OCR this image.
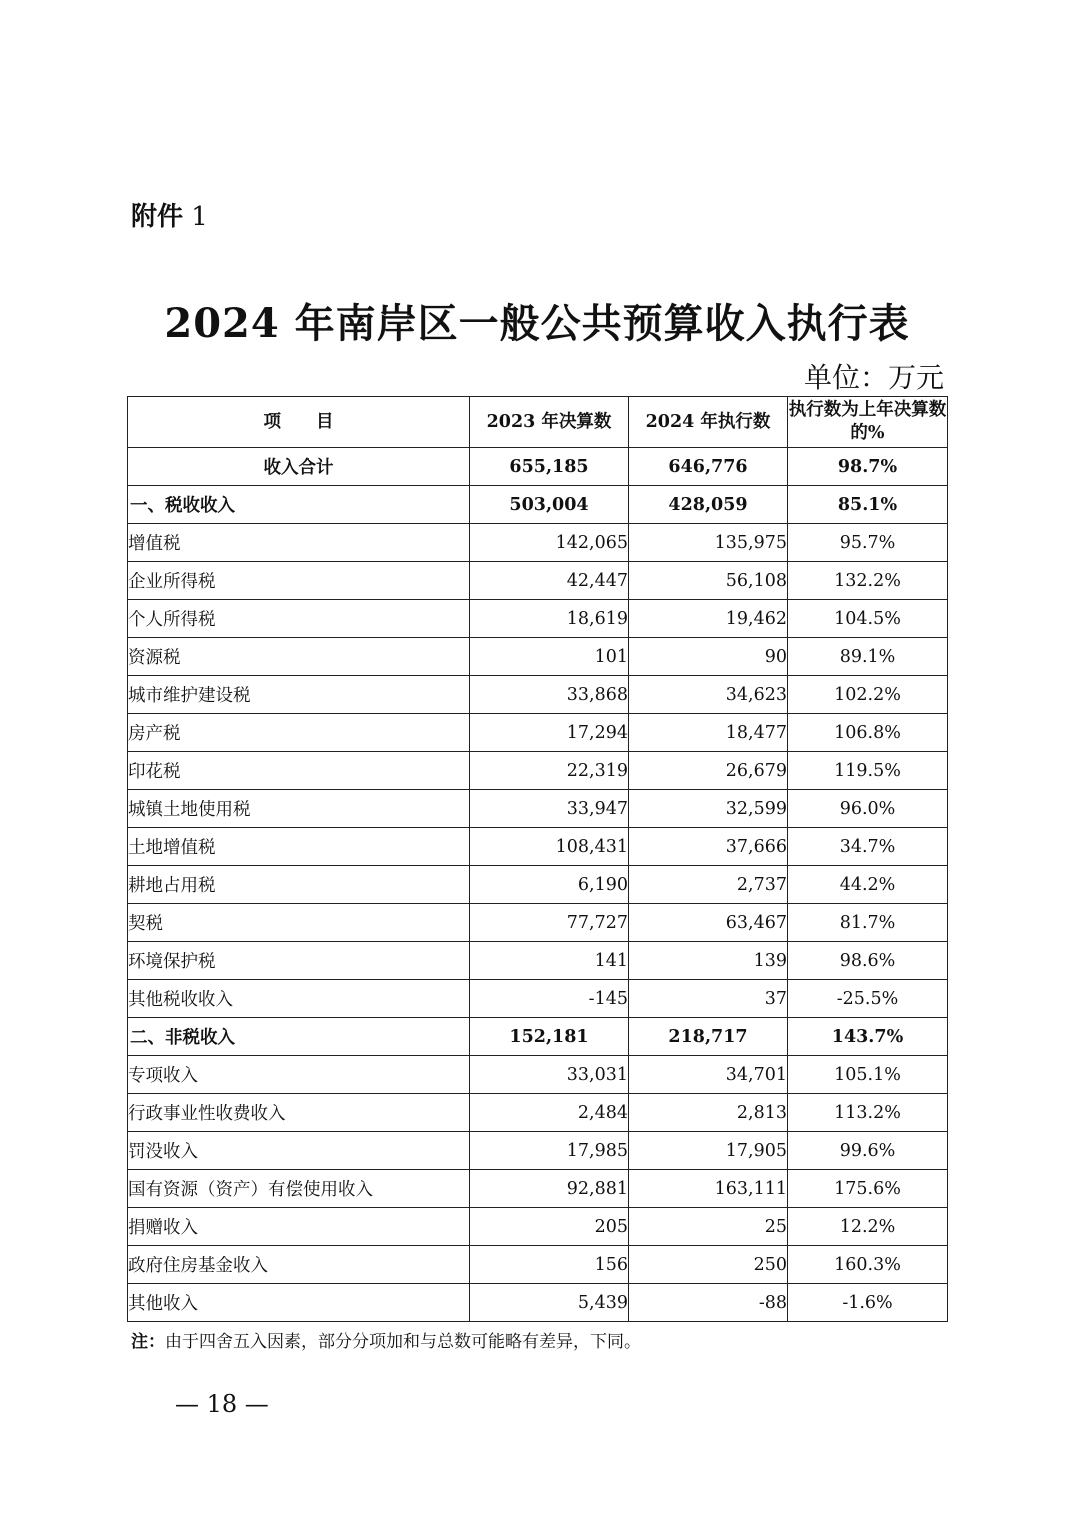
附件 1
2024 年南岸区一般公共预算收入执行表
单位：万元
项　　目	2023 年决算数	2024 年执行数	执行数为上年决算数的%
收入合计	655,185	646,776	98.7%
一、税收收入	503,004	428,059	85.1%
增值税	142,065	135,975	95.7%
企业所得税	42,447	56,108	132.2%
个人所得税	18,619	19,462	104.5%
资源税	101	90	89.1%
城市维护建设税	33,868	34,623	102.2%
房产税	17,294	18,477	106.8%
印花税	22,319	26,679	119.5%
城镇土地使用税	33,947	32,599	96.0%
土地增值税	108,431	37,666	34.7%
耕地占用税	6,190	2,737	44.2%
契税	77,727	63,467	81.7%
环境保护税	141	139	98.6%
其他税收收入	-145	37	-25.5%
二、非税收入	152,181	218,717	143.7%
专项收入	33,031	34,701	105.1%
行政事业性收费收入	2,484	2,813	113.2%
罚没收入	17,985	17,905	99.6%
国有资源（资产）有偿使用收入	92,881	163,111	175.6%
捐赠收入	205	25	12.2%
政府住房基金收入	156	250	160.3%
其他收入	5,439	-88	-1.6%
注：由于四舍五入因素，部分分项加和与总数可能略有差异，下同。
— 18 —
